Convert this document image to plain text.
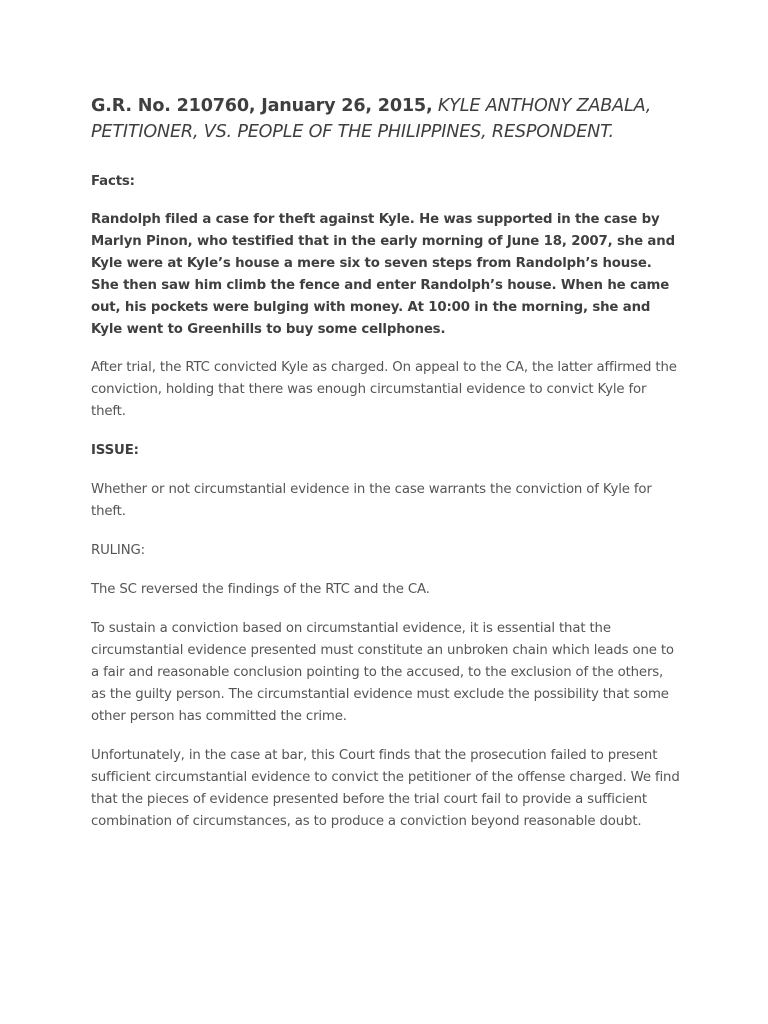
G.R. No. 210760, January 26, 2015, KYLE ANTHONY ZABALA, PETITIONER, VS. PEOPLE OF THE PHILIPPINES, RESPONDENT.

Facts:

Randolph filed a case for theft against Kyle. He was supported in the case by Marlyn Pinon, who testified that in the early morning of June 18, 2007, she and Kyle were at Kyle’s house a mere six to seven steps from Randolph’s house. She then saw him climb the fence and enter Randolph’s house. When he came out, his pockets were bulging with money. At 10:00 in the morning, she and Kyle went to Greenhills to buy some cellphones.

After trial, the RTC convicted Kyle as charged. On appeal to the CA, the latter affirmed the conviction, holding that there was enough circumstantial evidence to convict Kyle for theft.

ISSUE:

Whether or not circumstantial evidence in the case warrants the conviction of Kyle for theft.

RULING:

The SC reversed the findings of the RTC and the CA.

To sustain a conviction based on circumstantial evidence, it is essential that the circumstantial evidence presented must constitute an unbroken chain which leads one to a fair and reasonable conclusion pointing to the accused, to the exclusion of the others, as the guilty person. The circumstantial evidence must exclude the possibility that some other person has committed the crime.

Unfortunately, in the case at bar, this Court finds that the prosecution failed to present sufficient circumstantial evidence to convict the petitioner of the offense charged. We find that the pieces of evidence presented before the trial court fail to provide a sufficient combination of circumstances, as to produce a conviction beyond reasonable doubt.
